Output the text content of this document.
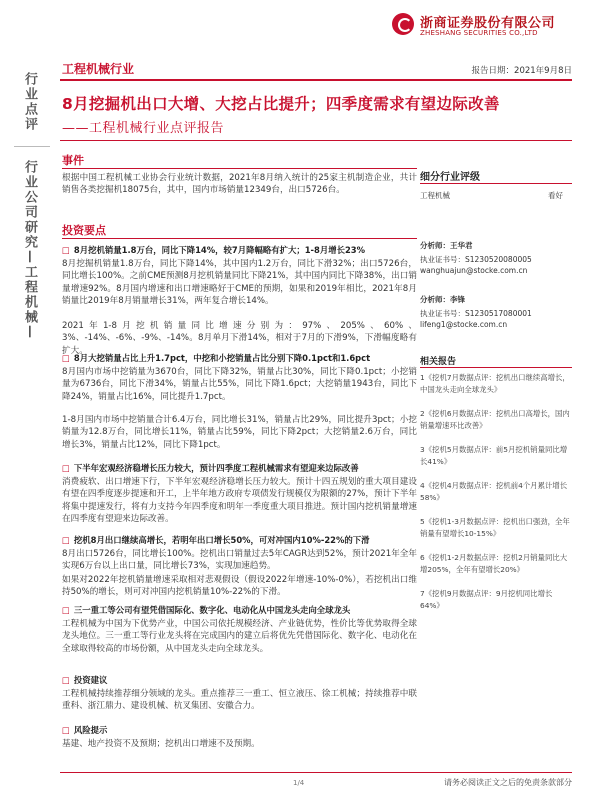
浙商证券股份有限公司
ZHESHANG SECURITIES CO.,LTD
工程机械行业	报告日期：2021年9月8日
行业点评
行业公司研究—工程机械—
8月挖掘机出口大增、大挖占比提升；四季度需求有望边际改善
——工程机械行业点评报告
事件
根据中国工程机械工业协会行业统计数据，2021年8月纳入统计的25家主机制造企业，共计销售各类挖掘机18075台，其中，国内市场销量12349台，出口5726台。
投资要点
□ 8月挖机销量1.8万台，同比下降14%，较7月降幅略有扩大；1-8月增长23%
8月挖掘机销量1.8万台，同比下降14%，其中国内1.2万台，同比下滑32%；出口5726台，同比增长100%。之前CME预测8月挖机销量同比下降21%，其中国内同比下降38%，出口销量增速92%。8月国内增速和出口增速略好于CME的预期，如果和2019年相比，2021年8月销量比2019年8月销量增长31%，两年复合增长14%。
2021年1-8月挖机销量同比增速分别为：97%、205%、60%、3%、-14%、-6%、-9%、-14%。8月单月下滑14%，相对于7月的下滑9%，下滑幅度略有扩大。
□ 8月大挖销量占比上升1.7pct，中挖和小挖销量占比分别下降0.1pct和1.6pct
8月国内市场中挖销量为3670台，同比下降32%，销量占比30%，同比下降0.1pct；小挖销量为6736台，同比下滑34%，销量占比55%，同比下降1.6pct；大挖销量1943台，同比下降24%，销量占比16%，同比提升1.7pct。
1-8月国内市场中挖销量合计6.4万台，同比增长31%，销量占比29%，同比提升3pct；小挖销量为12.8万台，同比增长11%，销量占比59%，同比下降2pct；大挖销量2.6万台，同比增长3%，销量占比12%，同比下降1pct。
□ 下半年宏观经济稳增长压力较大，预计四季度工程机械需求有望迎来边际改善
消费疲软、出口增速下行，下半年宏观经济稳增长压力较大。预计十四五规划的重大项目建设有望在四季度逐步提速和开工，上半年地方政府专项债发行规模仅为限额的27%，预计下半年将集中提速发行，将有力支持今年四季度和明年一季度重大项目推进。预计国内挖机销量增速在四季度有望迎来边际改善。
□ 挖机8月出口继续高增长，若明年出口增长50%，可对冲国内10%-22%的下滑
8月出口5726台，同比增长100%。挖机出口销量过去5年CAGR达到52%，预计2021年全年实现6万台以上出口量，同比增长73%，实现加速趋势。
如果对2022年挖机销量增速采取相对悲观假设（假设2022年增速-10%-0%），若挖机出口维持50%的增长，则可对冲国内挖机销量10%-22%的下滑。
□ 三一重工等公司有望凭借国际化、数字化、电动化从中国龙头走向全球龙头
工程机械为中国为下优势产业，中国公司依托规模经济、产业链优势，性价比等优势取得全球龙头地位。三一重工等行业龙头将在完成国内的建立后将优先凭借国际化、数字化、电动化在全球取得较高的市场份额，从中国龙头走向全球龙头。
□ 投资建议
工程机械持续推荐细分领域的龙头。重点推荐三一重工、恒立液压、徐工机械；持续推荐中联重科、浙江鼎力、建设机械、杭叉集团、安徽合力。
□ 风险提示
基建、地产投资不及预期；挖机出口增速不及预期。
细分行业评级
工程机械	看好
分析师：王华君
执业证书号：S1230520080005
wanghuajun@stocke.com.cn
分析师：李锋
执业证书号：S1230517080001
lifeng1@stocke.com.cn
相关报告
1《挖机7月数据点评：挖机出口继续高增长，中国龙头走向全球龙头》
2《挖机6月数据点评：挖机出口高增长，国内销量增速环比改善》
3《挖机5月数据点评：前5月挖机销量同比增长41%》
4《挖机4月数据点评：挖机前4个月累计增长58%》
5《挖机1-3月数据点评：挖机出口强劲，全年销量有望增长10-15%》
6《挖机1-2月数据点评：挖机2月销量同比大增205%，全年有望增长20%》
7《挖机9月数据点评：9月挖机同比增长64%》
1/4	请务必阅读正文之后的免责条款部分
